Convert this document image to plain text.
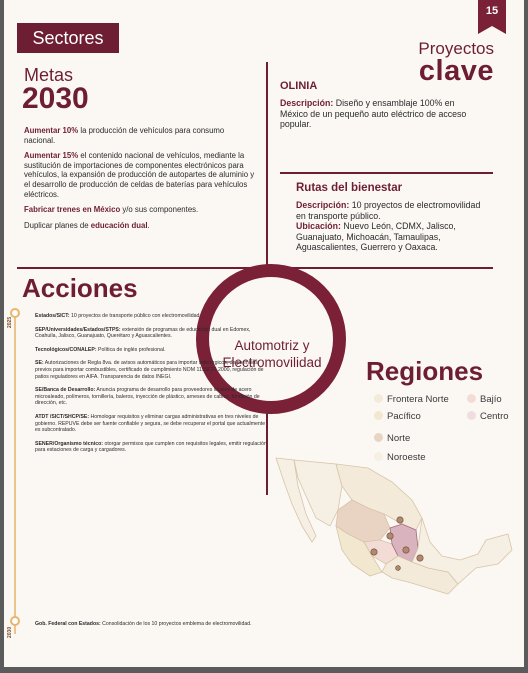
15
Sectores
Proyectos
clave
Metas
2030

Aumentar 10% la producción de vehículos para consumo nacional.

Aumentar 15% el contenido nacional de vehículos, mediante la sustitución de importaciones de componentes electrónicos para vehículos, la expansión de producción de autopartes de aluminio y el desarrollo de producción de celdas de baterías para vehículos eléctricos.

Fabricar trenes en México y/o sus componentes.

Duplicar planes de educación dual.

OLINIA
Descripción: Diseño y ensamblaje 100% en México de un pequeño auto eléctrico de acceso popular.
Rutas del bienestar
Descripción: 10 proyectos de electromovilidad en transporte público.
Ubicación: Nuevo León, CDMX, Jalisco, Guanajuato, Michoacán, Tamaulipas, Aguascalientes, Guerrero y Oaxaca.
Automotriz y
Electromovilidad
Acciones
2025
2030

Estados/SICT: 10 proyectos de transporte público con electromovilidad.

SEP/Universidades/Estados/STPS: extensión de programas de educación dual en Edomex, Coahuila, Jalisco, Guanajuato, Querétaro y Aguascalientes.

Tecnológicos/CONALEP: Política de inglés profesional.

SE: Autorizaciones de Regla 8va. de avisos automáticos para importar siderúrgicos, de permisos previos para importar combustibles, certificado de cumplimiento NOM 119SCFI 2000, regulación de patios reguladores en AIFA. Transparencia de datos INEGI.

SE/Banca de Desarrollo: Anuncia programa de desarrollo para proveedores locales de acero microaleado, polímeros, tornillería, baleros, inyección de plástico, arneses de cables, fundición de dirección, etc.

ATDT /SICT/SHCP/SE: Homologar requisitos y eliminar cargas administrativas en tres niveles de gobierno. REPUVE debe ser fuente confiable y segura, se debe recuperar el portal que actualmente es subcontratado.

SENER/Organismo técnico: otorgar permisos que cumplen con requisitos legales, emitir regulación para estaciones de carga y cargadores.

Gob. Federal con Estados: Consolidación de los 10 proyectos emblema de electromovilidad.

Regiones
Frontera Norte	Bajío
Pacífico	Centro
Norte
Noroeste
